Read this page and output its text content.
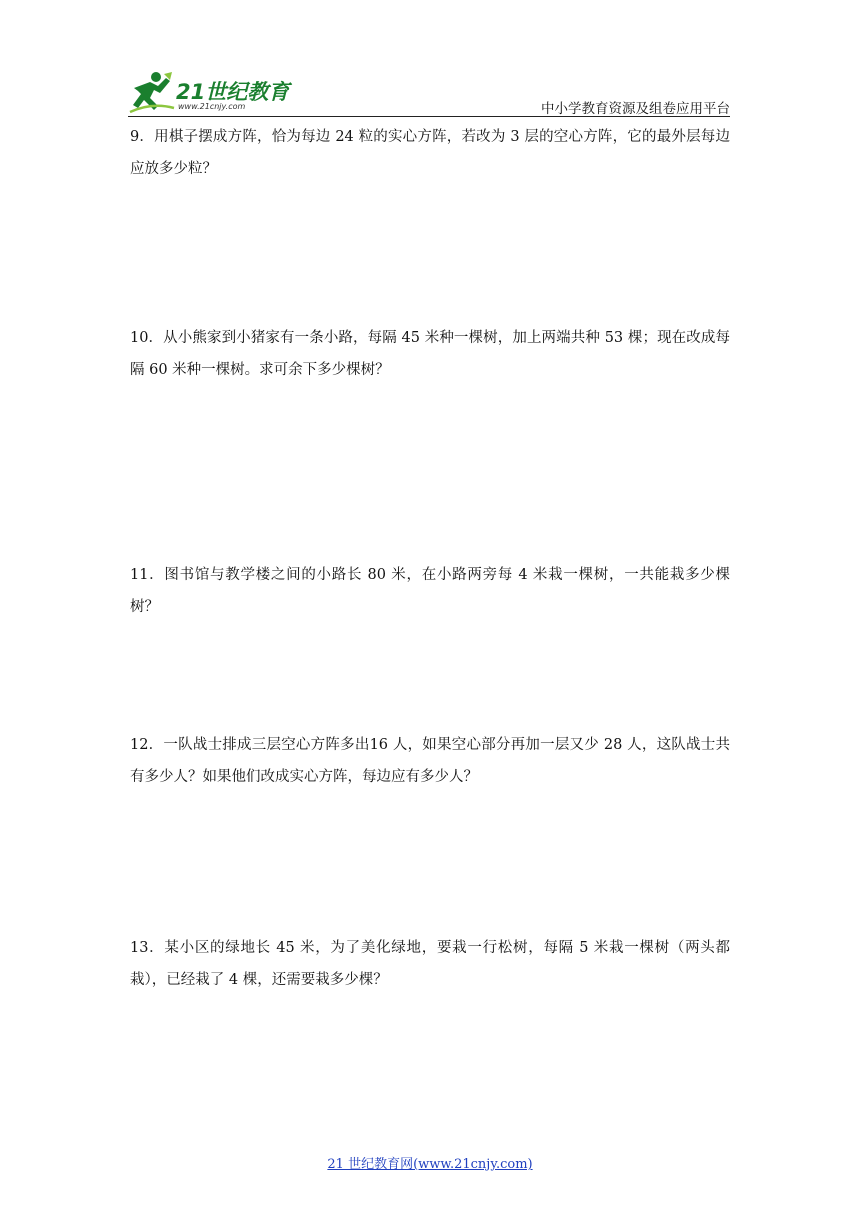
21世纪教育
www.21cnjy.com	中小学教育资源及组卷应用平台

9．用棋子摆成方阵，恰为每边 24 粒的实心方阵，若改为 3 层的空心方阵，它的最外层每边应放多少粒？

10．从小熊家到小猪家有一条小路，每隔 45 米种一棵树，加上两端共种 53 棵；现在改成每隔 60 米种一棵树。求可余下多少棵树？

11．图书馆与教学楼之间的小路长 80 米，在小路两旁每 4 米栽一棵树，一共能栽多少棵树？

12．一队战士排成三层空心方阵多出16 人，如果空心部分再加一层又少 28 人，这队战士共有多少人？如果他们改成实心方阵，每边应有多少人？

13．某小区的绿地长 45 米，为了美化绿地，要栽一行松树，每隔 5 米栽一棵树（两头都栽），已经栽了 4 棵，还需要栽多少棵？

21 世纪教育网(www.21cnjy.com)
